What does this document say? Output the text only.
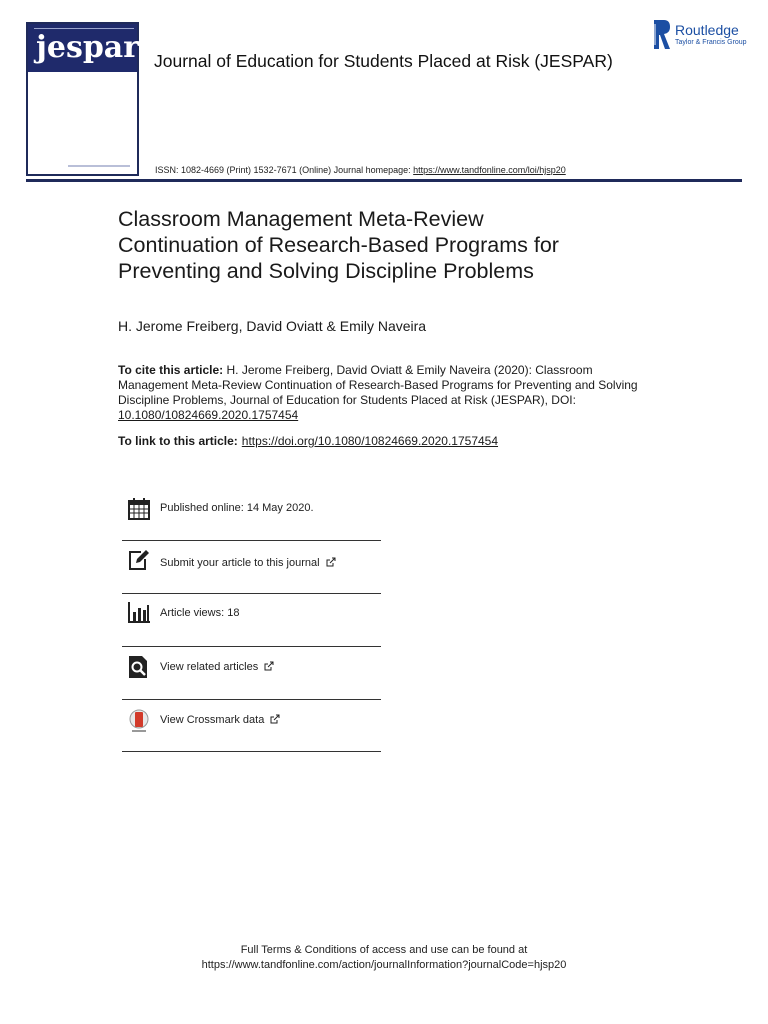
jespar Journal of Education for Students Placed at Risk (JESPAR)
Routledge
Taylor & Francis Group
ISSN: 1082-4669 (Print) 1532-7671 (Online) Journal homepage: https://www.tandfonline.com/loi/hjsp20
Classroom Management Meta-Review
Continuation of Research-Based Programs for
Preventing and Solving Discipline Problems
H. Jerome Freiberg, David Oviatt & Emily Naveira
To cite this article: H. Jerome Freiberg, David Oviatt & Emily Naveira (2020): Classroom Management Meta-Review Continuation of Research-Based Programs for Preventing and Solving Discipline Problems, Journal of Education for Students Placed at Risk (JESPAR), DOI: 10.1080/10824669.2020.1757454
To link to this article: https://doi.org/10.1080/10824669.2020.1757454
Published online: 14 May 2020.
Submit your article to this journal
Article views: 18
View related articles
View Crossmark data
Full Terms & Conditions of access and use can be found at
https://www.tandfonline.com/action/journalInformation?journalCode=hjsp20
